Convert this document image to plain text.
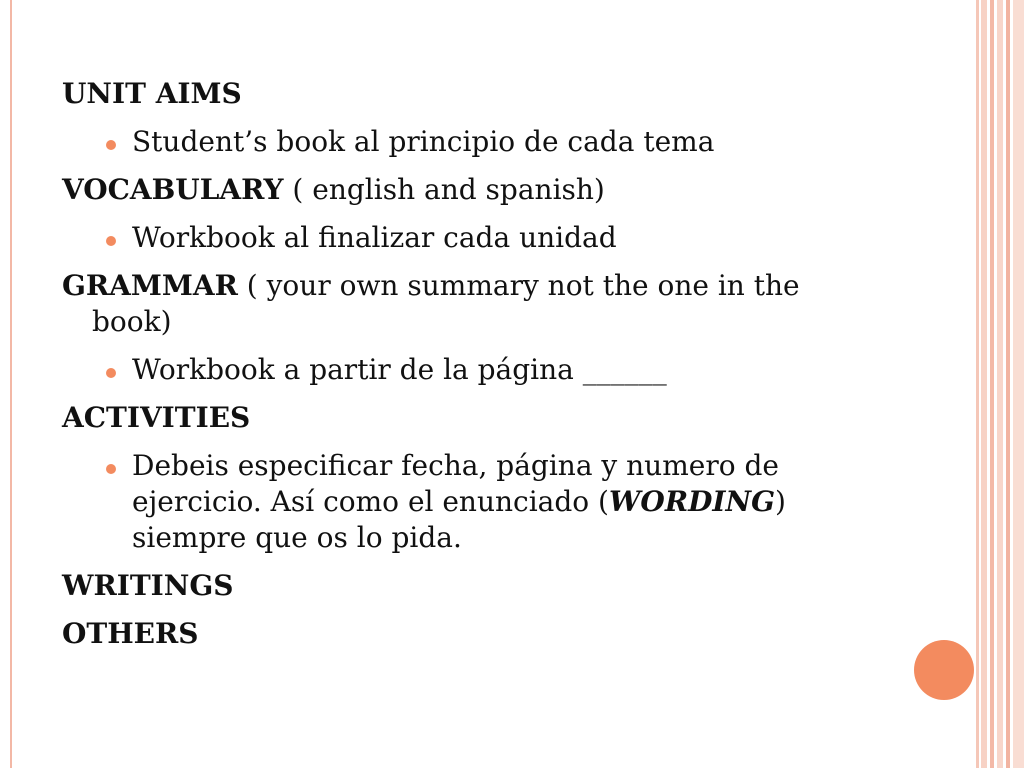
UNIT AIMS

Student’s book al principio de cada tema

VOCABULARY ( english and spanish)

Workbook al finalizar cada unidad

GRAMMAR ( your own summary not the one in the book)

Workbook a partir de la página ______

ACTIVITIES

Debeis especificar fecha, página y numero de ejercicio. Así como el enunciado (WORDING) siempre que os lo pida.

WRITINGS

OTHERS
